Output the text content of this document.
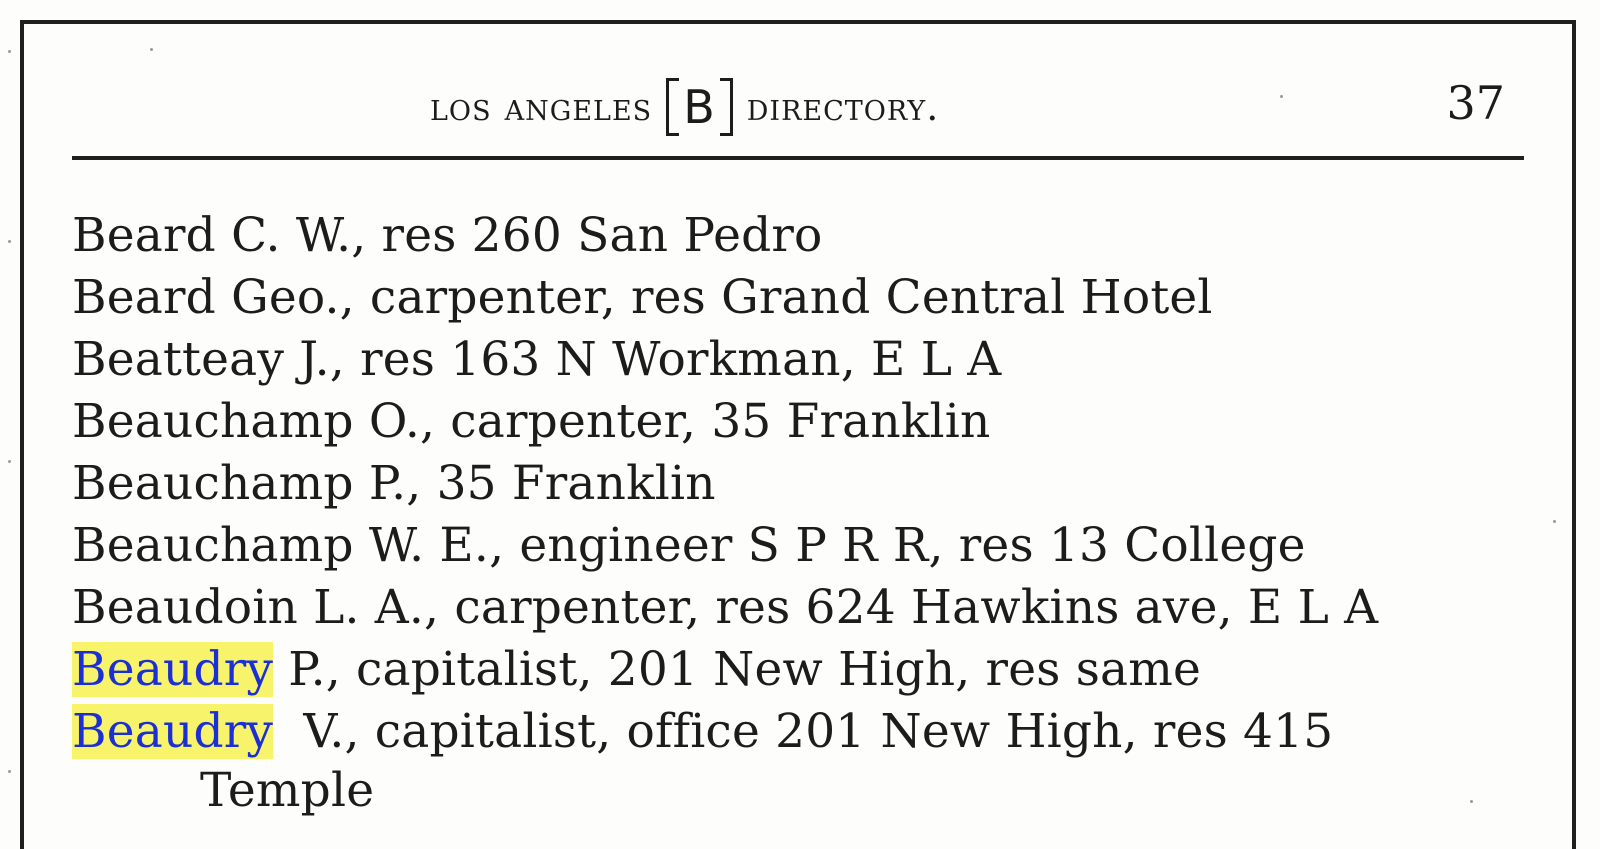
los angeles B directory.	37
Beard C. W., res 260 San Pedro
Beard Geo., carpenter, res Grand Central Hotel
Beatteay J., res 163 N Workman, E L A
Beauchamp O., carpenter, 35 Franklin
Beauchamp P., 35 Franklin
Beauchamp W. E., engineer S P R R, res 13 College
Beaudoin L. A., carpenter, res 624 Hawkins ave, E L A
Beaudry P., capitalist, 201 New High, res same
Beaudry  V., capitalist, office 201 New High, res 415
Temple
